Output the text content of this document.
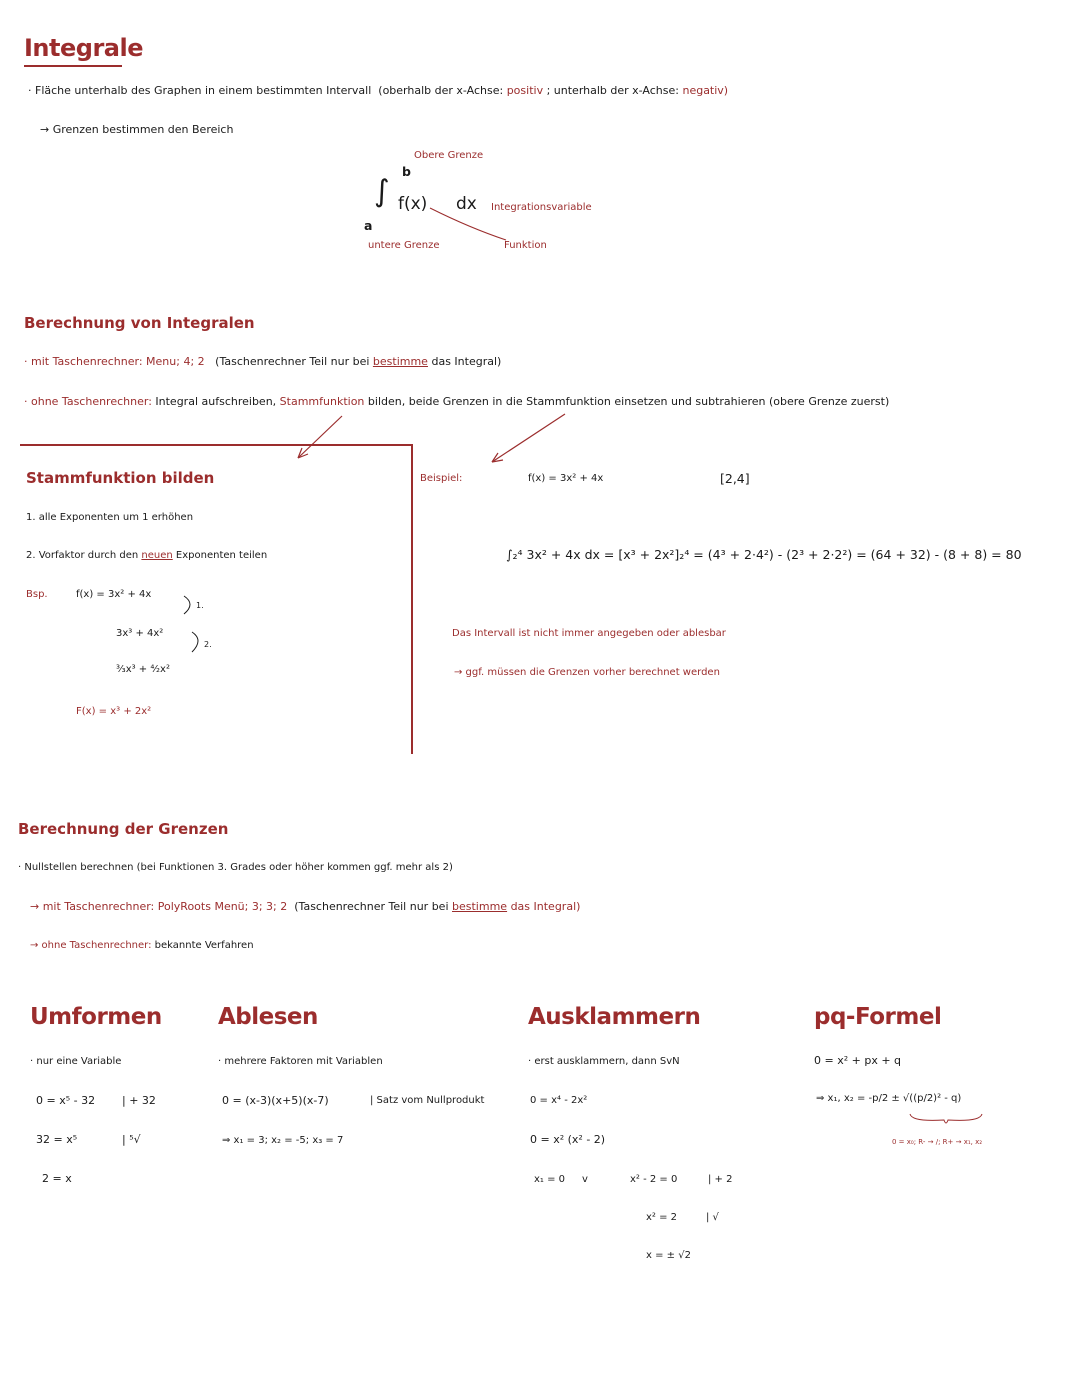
Integrale
· Fläche unterhalb des Graphen in einem bestimmten Intervall (oberhalb der x-Achse: positiv ; unterhalb der x-Achse: negativ)
→ Grenzen bestimmen den Bereich
Obere Grenze
b
∫ f(x) dx Integrationsvariable
a
untere Grenze	Funktion
Berechnung von Integralen
· mit Taschenrechner: Menu; 4; 2 (Taschenrechner Teil nur bei bestimme das Integral)
· ohne Taschenrechner: Integral aufschreiben, Stammfunktion bilden, beide Grenzen in die Stammfunktion einsetzen und subtrahieren (obere Grenze zuerst)
Stammfunktion bilden
1. alle Exponenten um 1 erhöhen
2. Vorfaktor durch den neuen Exponenten teilen
Bsp.	f(x) = 3x² + 4x
3x³ + 4x²
³⁄₃x³ + ⁴⁄₂x²
F(x) = x³ + 2x²
1.
2.
Beispiel:	f(x) = 3x² + 4x	[2,4]
∫₂⁴ 3x² + 4x dx = [x³ + 2x²]₂⁴ = (4³ + 2·4²) - (2³ + 2·2²) = (64 + 32) - (8 + 8) = 80
Das Intervall ist nicht immer angegeben oder ablesbar
→ ggf. müssen die Grenzen vorher berechnet werden
Berechnung der Grenzen
· Nullstellen berechnen (bei Funktionen 3. Grades oder höher kommen ggf. mehr als 2)
→ mit Taschenrechner: PolyRoots Menü; 3; 3; 2 (Taschenrechner Teil nur bei bestimme das Integral)
→ ohne Taschenrechner: bekannte Verfahren
Umformen
· nur eine Variable
0 = x⁵ - 32 | + 32
32 = x⁵	| ⁵√
2 = x
Ablesen
· mehrere Faktoren mit Variablen
0 = (x-3)(x+5)(x-7)	| Satz vom Nullprodukt
⇒ x₁ = 3; x₂ = -5; x₃ = 7
Ausklammern
· erst ausklammern, dann SvN
0 = x⁴ - 2x²
0 = x² (x² - 2)
x₁ = 0 v	x² - 2 = 0	| + 2
x² = 2	| √
x = ± √2
pq-Formel
0 = x² + px + q
⇒ x₁, x₂ = -p/2 ± √((p/2)² - q)
0 = x₀; R- → /; R+ → x₁, x₂
